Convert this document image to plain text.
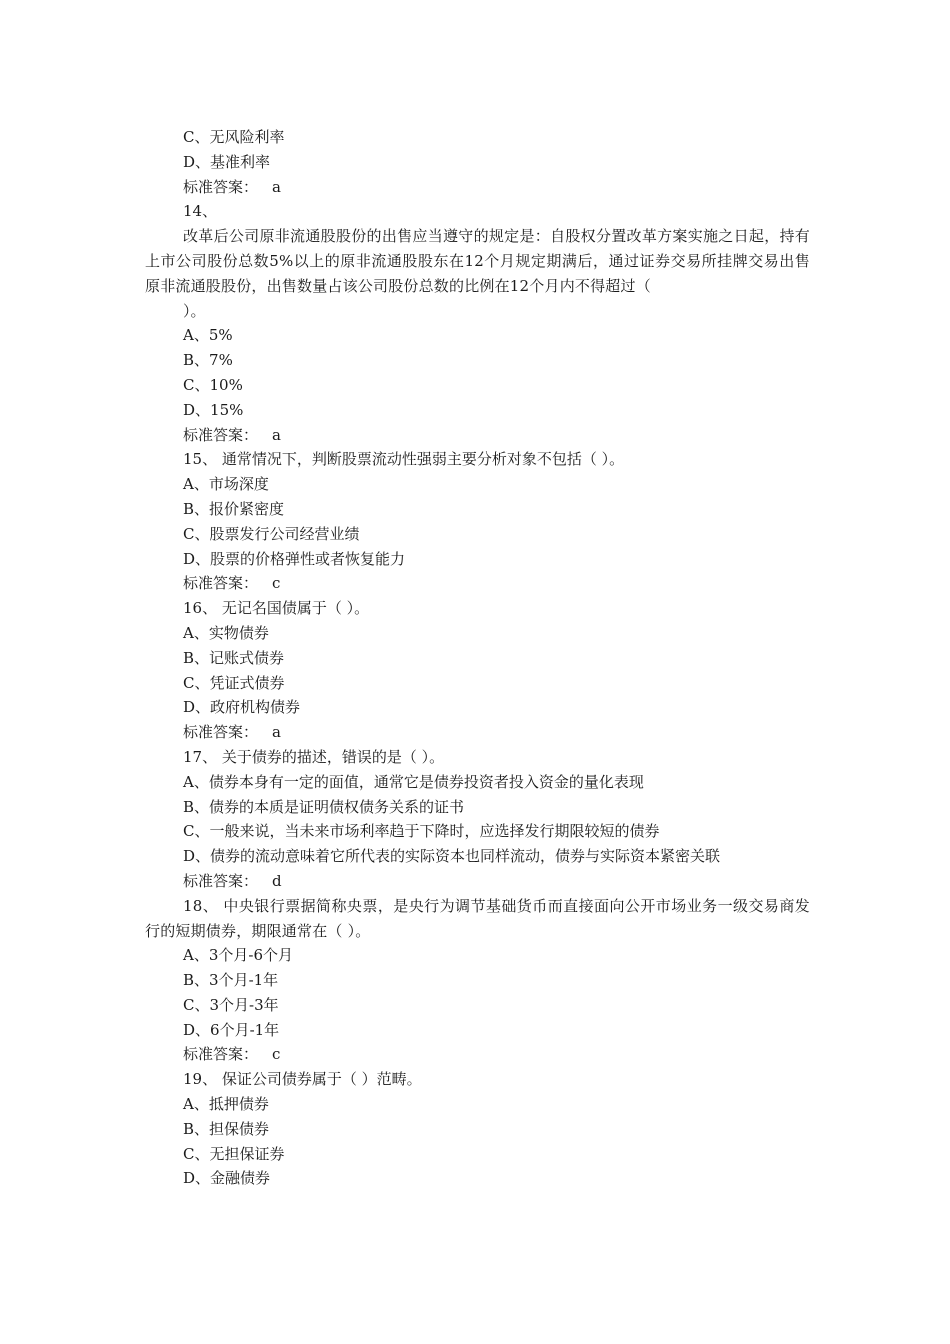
C、无风险利率
D、基准利率
标准答案： a
14、
改革后公司原非流通股股份的出售应当遵守的规定是：自股权分置改革方案实施之日起，持有上市公司股份总数5%以上的原非流通股股东在12个月规定期满后，通过证券交易所挂牌交易出售原非流通股股份，出售数量占该公司股份总数的比例在12个月内不得超过（
）。
A、5%
B、7%
C、10%
D、15%
标准答案： a
15、 通常情况下，判断股票流动性强弱主要分析对象不包括（ ）。
A、市场深度
B、报价紧密度
C、股票发行公司经营业绩
D、股票的价格弹性或者恢复能力
标准答案： c
16、 无记名国债属于（ ）。
A、实物债券
B、记账式债券
C、凭证式债券
D、政府机构债券
标准答案： a
17、 关于债券的描述，错误的是（ ）。
A、债券本身有一定的面值，通常它是债券投资者投入资金的量化表现
B、债券的本质是证明债权债务关系的证书
C、一般来说，当未来市场利率趋于下降时，应选择发行期限较短的债券
D、债券的流动意味着它所代表的实际资本也同样流动，债券与实际资本紧密关联
标准答案： d
18、 中央银行票据简称央票，是央行为调节基础货币而直接面向公开市场业务一级交易商发行的短期债券，期限通常在（ ）。
A、3个月-6个月
B、3个月-1年
C、3个月-3年
D、6个月-1年
标准答案： c
19、 保证公司债券属于（ ）范畴。
A、抵押债券
B、担保债券
C、无担保证券
D、金融债券
